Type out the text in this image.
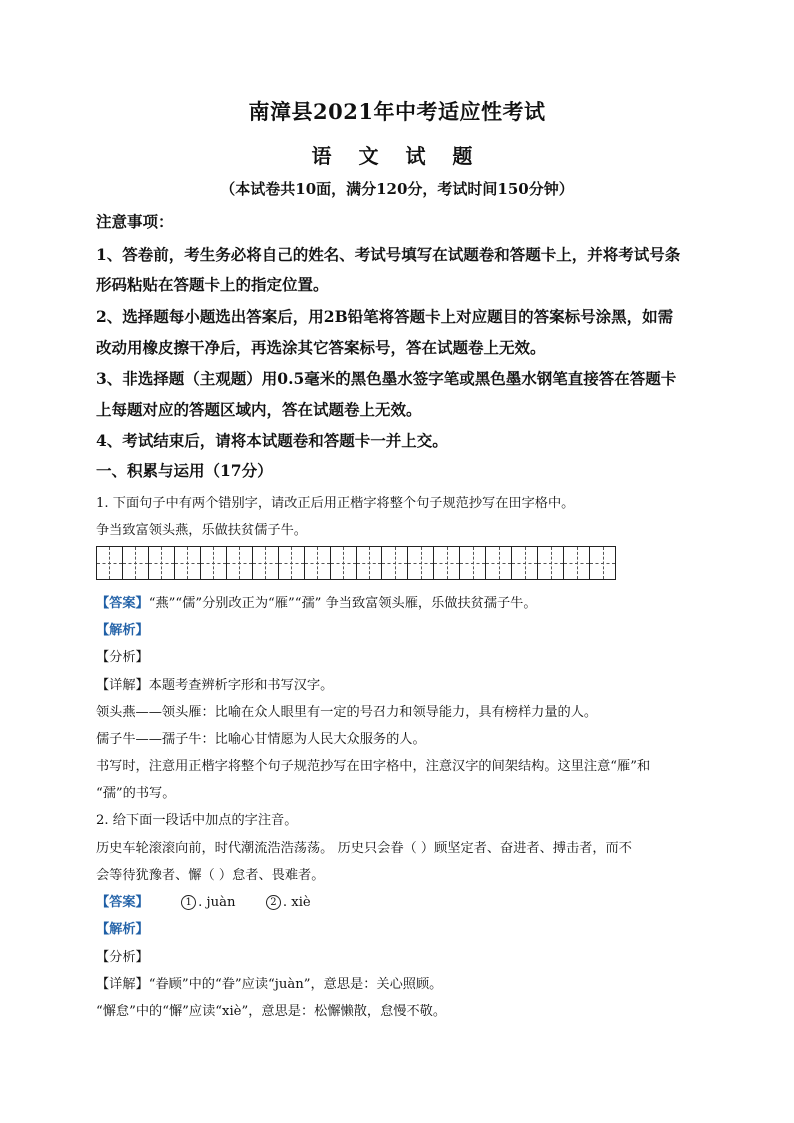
南漳县2021年中考适应性考试
语 文 试 题
（本试卷共10面，满分120分，考试时间150分钟）
注意事项：
1、答卷前，考生务必将自己的姓名、考试号填写在试题卷和答题卡上，并将考试号条
形码粘贴在答题卡上的指定位置。
2、选择题每小题选出答案后，用2B铅笔将答题卡上对应题目的答案标号涂黑，如需
改动用橡皮擦干净后，再选涂其它答案标号，答在试题卷上无效。
3、非选择题（主观题）用0.5毫米的黑色墨水签字笔或黑色墨水钢笔直接答在答题卡
上每题对应的答题区域内，答在试题卷上无效。
4、考试结束后，请将本试题卷和答题卡一并上交。
一、积累与运用（17分）
1. 下面句子中有两个错别字，请改正后用正楷字将整个句子规范抄写在田字格中。
争当致富领头燕，乐做扶贫儒子牛。
【答案】“燕”“儒”分别改正为“雁”“孺” 争当致富领头雁，乐做扶贫孺子牛。
【解析】
【分析】
【详解】本题考查辨析字形和书写汉字。
领头燕——领头雁：比喻在众人眼里有一定的号召力和领导能力，具有榜样力量的人。
儒子牛——孺子牛：比喻心甘情愿为人民大众服务的人。
书写时，注意用正楷字将整个句子规范抄写在田字格中，注意汉字的间架结构。这里注意“雁”和
“孺”的书写。
2. 给下面一段话中加点的字注音。
历史车轮滚滚向前，时代潮流浩浩荡荡。 历史只会眷（ ）顾坚定者、奋进者、搏击者，而不
会等待犹豫者、懈（ ）怠者、畏难者。
【答案】	1 . juàn	2 . xiè
【解析】
【分析】
【详解】“眷顾”中的“眷”应读“juàn”，意思是：关心照顾。
“懈怠”中的“懈”应读“xiè”，意思是：松懈懒散，怠慢不敬。
